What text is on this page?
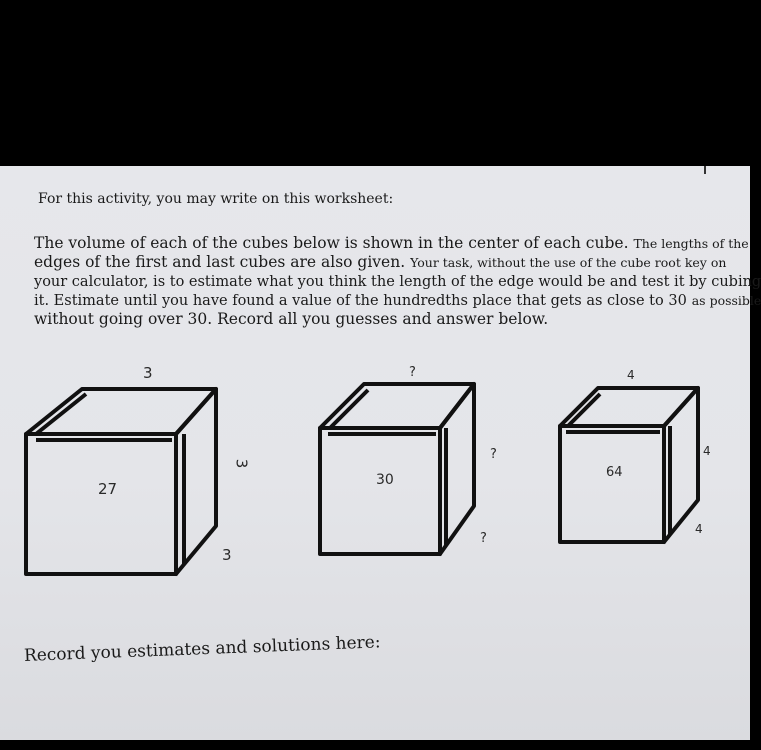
For this activity, you may write on this worksheet:
The volume of each of the cubes below is shown in the center of each cube. The lengths of the
edges of the first and last cubes are also given. Your task, without the use of the cube root key on
your calculator, is to estimate what you think the length of the edge would be and test it by cubing
it. Estimate until you have found a value of the hundredths place that gets as close to 30 as possible
without going over 30. Record all you guesses and answer below.
3
3
27
3
?
?
30
?
4
4
64
4
​
Record you estimates and solutions here:
